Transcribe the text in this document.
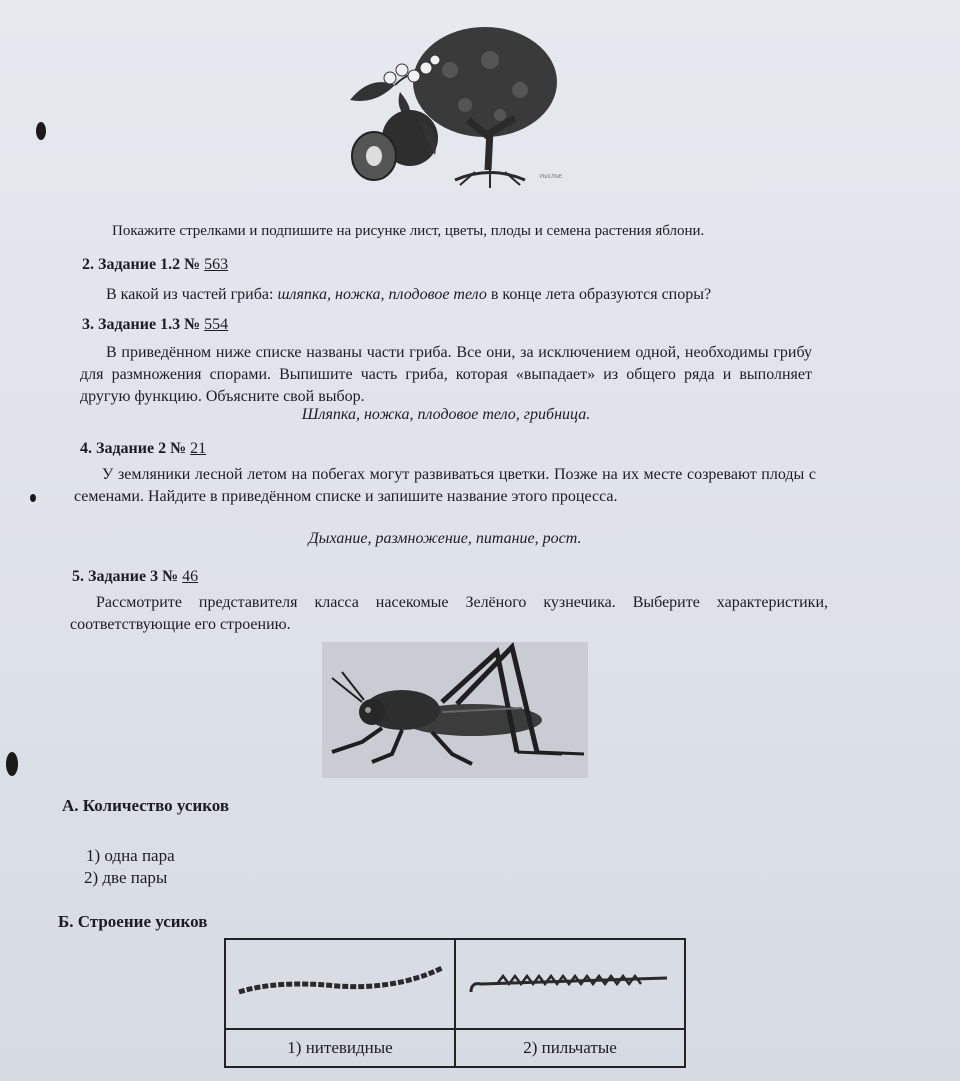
РЫХЛЫЕ
Покажите стрелками и подпишите на рисунке лист, цветы, плоды и семена растения яблони.
2. Задание 1.2 № 563
В какой из частей гриба: шляпка, ножка, плодовое тело в конце лета образуются споры?
3. Задание 1.3 № 554
В приведённом ниже списке названы части гриба. Все они, за исключением одной, необходимы грибу для размножения спорами. Выпишите часть гриба, которая «выпадает» из общего ряда и выполняет другую функцию. Объясните свой выбор.
Шляпка, ножка, плодовое тело, грибница.
4. Задание 2 № 21
У земляники лесной летом на побегах могут развиваться цветки. Позже на их месте созревают плоды с семенами. Найдите в приведённом списке и запишите название этого процесса.
Дыхание, размножение, питание, рост.
5. Задание 3 № 46
Рассмотрите представителя класса насекомые Зелёного кузнечика. Выберите характеристики, соответствующие его строению.
А. Количество усиков
1) одна пара
2) две пары
Б. Строение усиков

1) нитевидные	2) пильчатые
